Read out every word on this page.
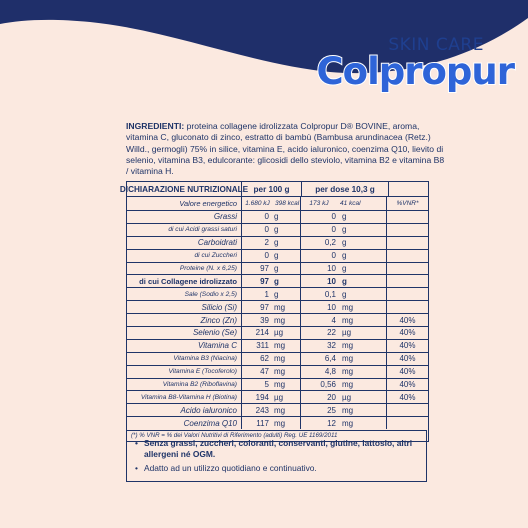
SKIN CARE
Colpropur
INGREDIENTI: proteina collagene idrolizzata Colpropur D® BOVINE, aroma, vitamina C, gluconato di zinco, estratto di bambù (Bambusa arundinacea (Retz.) Willd., germogli) 75% in silice, vitamina E, acido ialuronico, coenzima Q10, lievito di selenio, vitamina B3, edulcorante: glicosidi dello steviolo, vitamina B2 e vitamina B8 / vitamina H.
DICHIARAZIONE NUTRIZIONALE per 100 g	per dose 10,3 g
Valore energetico	1.680 kJ 398 kcal	173 kJ	41 kcal	%VNR*
Grassi	0 g	0 g
di cui Acidi grassi saturi	0 g	0 g
Carboidrati	2 g	0,2 g
di cui Zuccheri	0 g	0 g
Proteine (N. x 6,25)	97 g	10 g
di cui Collagene idrolizzato	97 g	10 g
Sale (Sodio x 2,5)	1 g	0,1 g
Silicio (Si)	97 mg	10 mg
Zinco (Zn)	39 mg	4 mg	40%
Selenio (Se)	214 µg	22 µg	40%
Vitamina C	311 mg	32 mg	40%
Vitamina B3 (Niacina)	62 mg	6,4 mg	40%
Vitamina E (Tocoferolo)	47 mg	4,8 mg	40%
Vitamina B2 (Riboflavina)	5 mg	0,56 mg	40%
Vitamina B8-Vitamina H (Biotina)	194 µg	20 µg	40%
Acido ialuronico	243 mg	25 mg
Coenzima Q10	117 mg	12 mg
(*) % VNR = % dei Valori Nutritivi di Riferimento (adulti) Reg. UE 1169/2011
• Senza grassi, zuccheri, coloranti, conservanti, glutine, lattosio, altri allergeni né OGM.
• Adatto ad un utilizzo quotidiano e continuativo.
